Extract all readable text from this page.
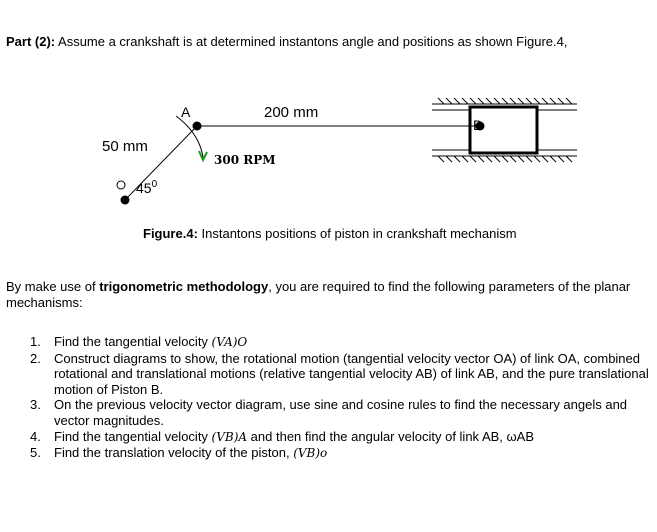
Part (2): Assume a crankshaft is at determined instantons angle and positions as shown Figure.4,
A
B
200 mm
50 mm
$45^0$
300 RPM
Figure.4: Instantons positions of piston in crankshaft mechanism
By make use of trigonometric methodology, you are required to find the following parameters of the planar mechanisms:
1. Find the tangential velocity (VA)O
2. Construct diagrams to show, the rotational motion (tangential velocity vector OA) of link OA, combined rotational and translational motions (relative tangential velocity AB) of link AB, and the pure translational motion of Piston B.
3. On the previous velocity vector diagram, use sine and cosine rules to find the necessary angels and vector magnitudes.
4. Find the tangential velocity (VB)A and then find the angular velocity of link AB, ωAB
5. Find the translation velocity of the piston, (VB)o
